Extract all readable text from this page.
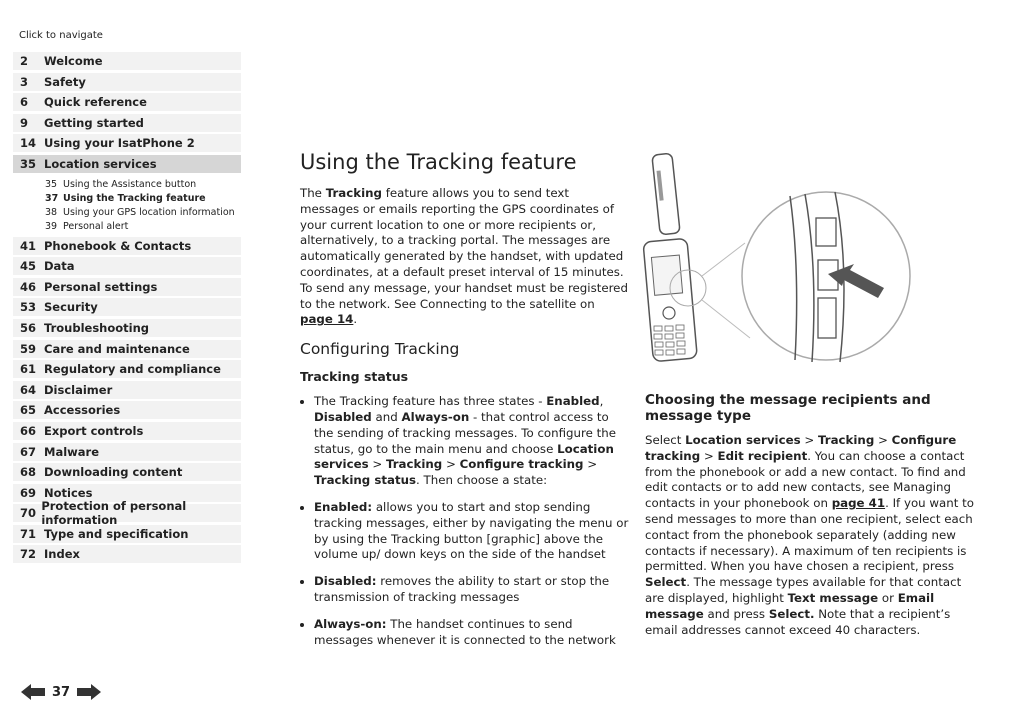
Click to navigate
2	Welcome
3	Safety
6	Quick reference
9	Getting started
14 Using your IsatPhone 2
35 Location services
35 Using the Assistance button
37 Using the Tracking feature
38 Using your GPS location information
39 Personal alert
41 Phonebook & Contacts
45 Data
46 Personal settings
53 Security
56 Troubleshooting
59 Care and maintenance
61 Regulatory and compliance
64 Disclaimer
65 Accessories
66 Export controls
67 Malware
68 Downloading content
69 Notices
70 Protection of personal information
71 Type and specification
72 Index
Using the Tracking feature

The Tracking feature allows you to send text messages or emails reporting the GPS coordinates of your current location to one or more recipients or, alternatively, to a tracking portal. The messages are automatically generated by the handset, with updated coordinates, at a default preset interval of 15 minutes. To send any message, your handset must be registered to the network. See Connecting to the satellite on page 14.

Configuring Tracking
Tracking status
• The Tracking feature has three states - Enabled, Disabled and Always-on - that control access to the sending of tracking messages. To configure the status, go to the main menu and choose Location services > Tracking > Configure tracking > Tracking status. Then choose a state:
• Enabled: allows you to start and stop sending tracking messages, either by navigating the menu or by using the Tracking button [graphic] above the volume up/ down keys on the side of the handset
• Disabled: removes the ability to start or stop the transmission of tracking messages
• Always-on: The handset continues to send messages whenever it is connected to the network
Choosing the message recipients and message type

Select Location services > Tracking > Configure tracking > Edit recipient. You can choose a contact from the phonebook or add a new contact. To find and edit contacts or to add new contacts, see Managing contacts in your phonebook on page 41. If you want to send messages to more than one recipient, select each contact from the phonebook separately (adding new contacts if necessary). A maximum of ten recipients is permitted. When you have chosen a recipient, press Select. The message types available for that contact are displayed, highlight Text message or Email message and press Select. Note that a recipient’s email addresses cannot exceed 40 characters.

37
